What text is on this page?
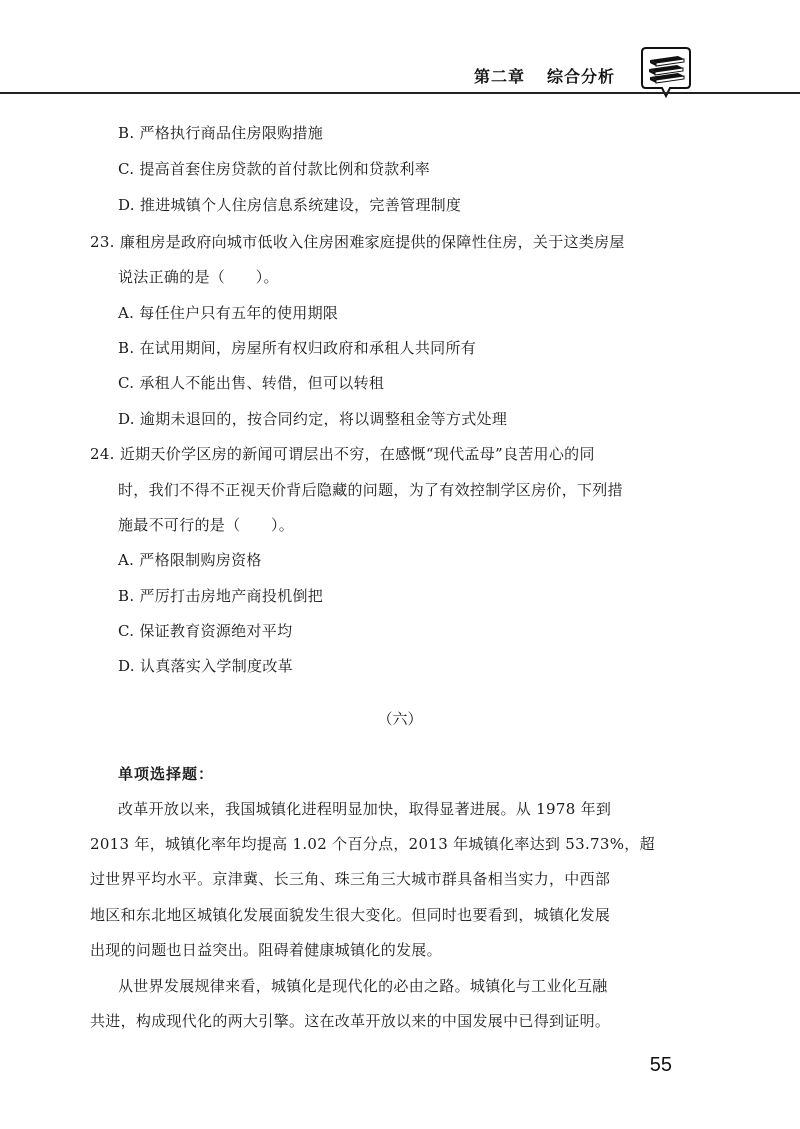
第二章 综合分析
B. 严格执行商品住房限购措施
C. 提高首套住房贷款的首付款比例和贷款利率
D. 推进城镇个人住房信息系统建设，完善管理制度
23. 廉租房是政府向城市低收入住房困难家庭提供的保障性住房，关于这类房屋
说法正确的是（　　）。
A. 每任住户只有五年的使用期限
B. 在试用期间，房屋所有权归政府和承租人共同所有
C. 承租人不能出售、转借，但可以转租
D. 逾期未退回的，按合同约定，将以调整租金等方式处理
24. 近期天价学区房的新闻可谓层出不穷，在感慨“现代孟母”良苦用心的同
时，我们不得不正视天价背后隐藏的问题，为了有效控制学区房价，下列措
施最不可行的是（　　）。
A. 严格限制购房资格
B. 严厉打击房地产商投机倒把
C. 保证教育资源绝对平均
D. 认真落实入学制度改革
（六）
单项选择题：
改革开放以来，我国城镇化进程明显加快，取得显著进展。从 1978 年到
2013 年，城镇化率年均提高 1.02 个百分点，2013 年城镇化率达到 53.73%，超
过世界平均水平。京津冀、长三角、珠三角三大城市群具备相当实力，中西部
地区和东北地区城镇化发展面貌发生很大变化。但同时也要看到，城镇化发展
出现的问题也日益突出。阻碍着健康城镇化的发展。
从世界发展规律来看，城镇化是现代化的必由之路。城镇化与工业化互融
共进，构成现代化的两大引擎。这在改革开放以来的中国发展中已得到证明。
55
